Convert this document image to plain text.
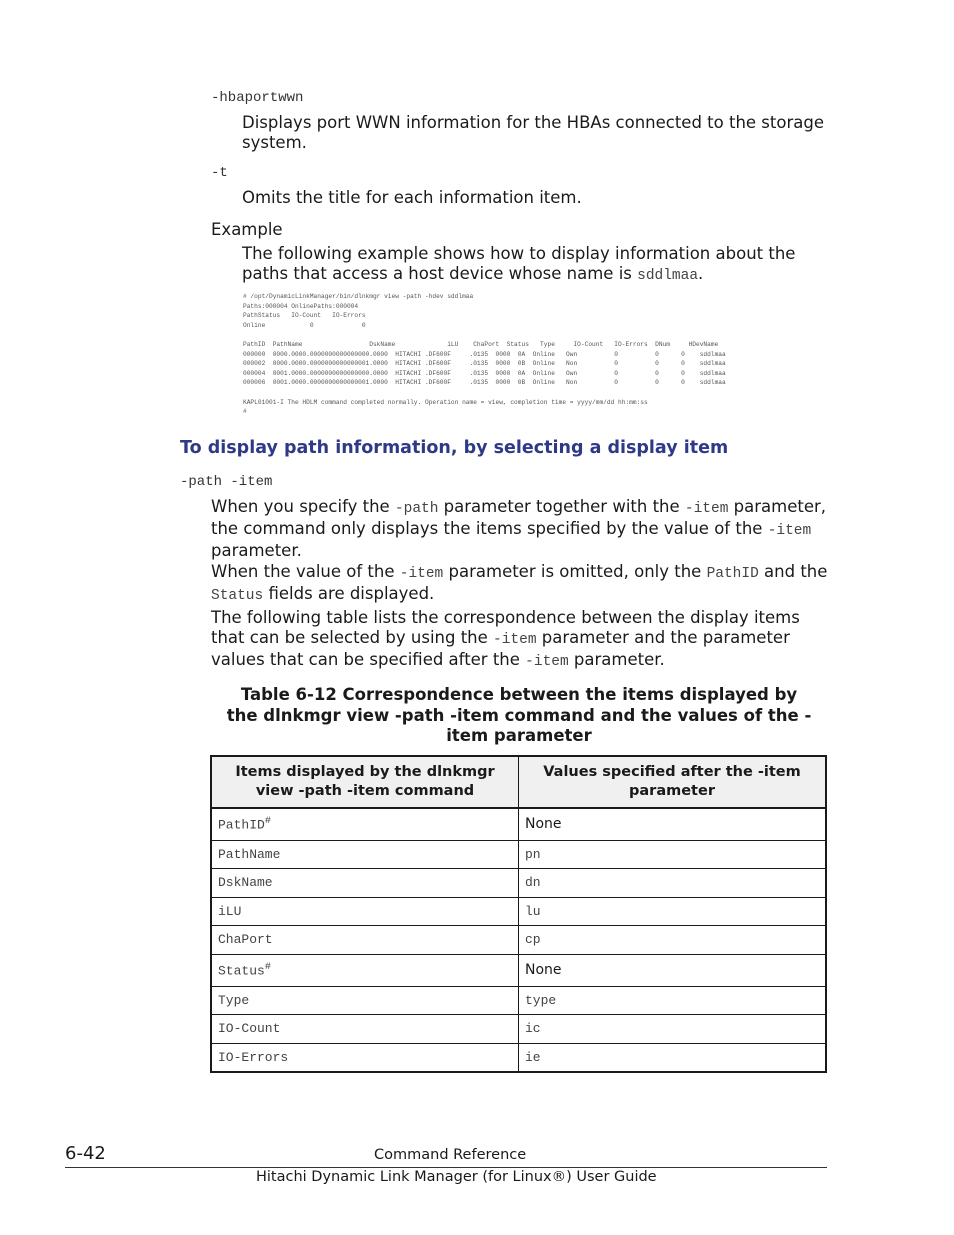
-hbaportwwn
Displays port WWN information for the HBAs connected to the storage system.
-t
Omits the title for each information item.
Example
The following example shows how to display information about the paths that access a host device whose name is sddlmaa.
# /opt/DynamicLinkManager/bin/dlnkmgr view -path -hdev sddlmaa
Paths:000004 OnlinePaths:000004
PathStatus   IO-Count   IO-Errors
Online            0             0
PathID  PathName                  DskName              iLU    ChaPort  Status   Type     IO-Count   IO-Errors  DNum     HDevName
000000  0000.0000.0000000000000000.0000  HITACHI .DF600F     .0135  0000  0A  Online   Own          0          0      0    sddlmaa
000002  0000.0000.0000000000000001.0000  HITACHI .DF600F     .0135  0000  0B  Online   Non          0          0      0    sddlmaa
000004  0001.0000.0000000000000000.0000  HITACHI .DF600F     .0135  0000  0A  Online   Own          0          0      0    sddlmaa
000006  0001.0000.0000000000000001.0000  HITACHI .DF600F     .0135  0000  0B  Online   Non          0          0      0    sddlmaa
KAPL01001-I The HDLM command completed normally. Operation name = view, completion time = yyyy/mm/dd hh:mm:ss
#
To display path information, by selecting a display item
-path -item
When you specify the -path parameter together with the -item parameter, the command only displays the items specified by the value of the -item parameter.
When the value of the -item parameter is omitted, only the PathID and the Status fields are displayed.
The following table lists the correspondence between the display items that can be selected by using the -item parameter and the parameter values that can be specified after the -item parameter.
Table 6-12 Correspondence between the items displayed by the dlnkmgr view -path -item command and the values of the -item parameter
Items displayed by the dlnkmgr view -path -item command	Values specified after the -item parameter
PathID#	None
PathName	pn
DskName	dn
iLU	lu
ChaPort	cp
Status#	None
Type	type
IO-Count	ic
IO-Errors	ie
6-42	Command Reference
Hitachi Dynamic Link Manager (for Linux®) User Guide
